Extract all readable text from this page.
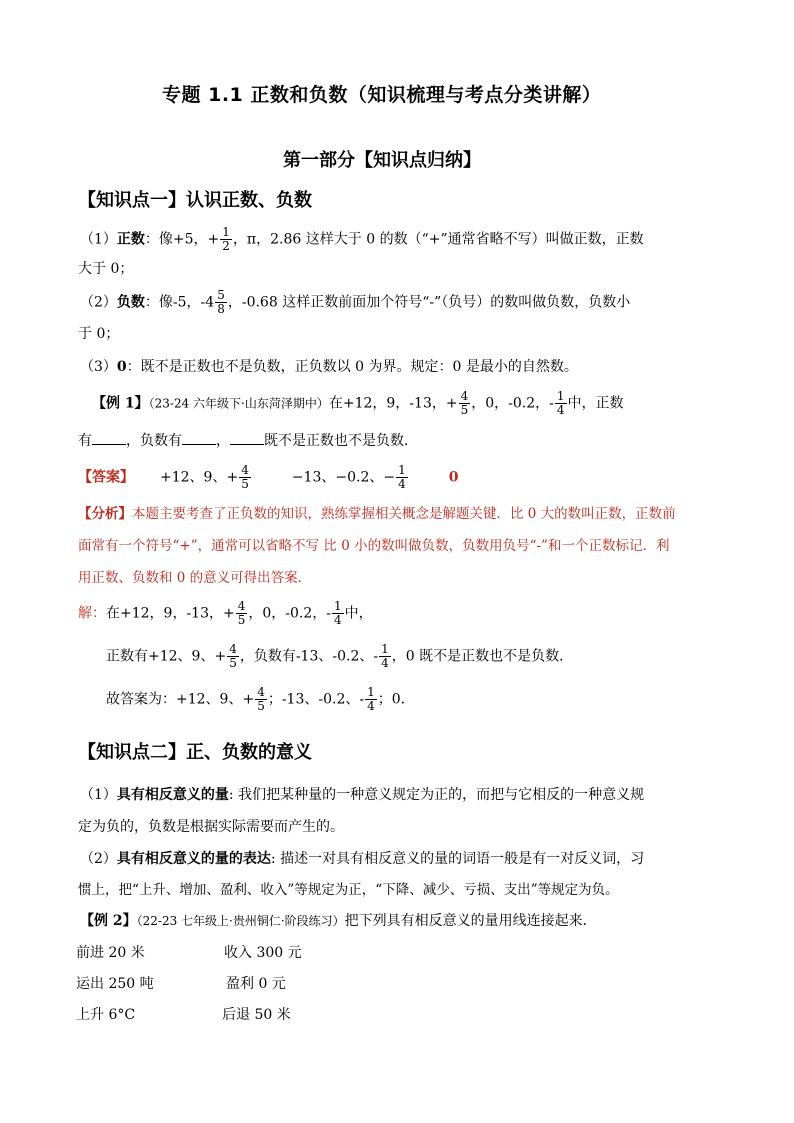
专题 1.1 正数和负数（知识梳理与考点分类讲解）
第一部分【知识点归纳】
【知识点一】认识正数、负数
（1）正数：像+5，+ $\frac{1}{2}$ ，π，2.86 这样大于 0 的数（“+”通常省略不写）叫做正数，正数
大于 0；
（2）负数：像-5，$-4 \frac{5}{8}$ ，-0.68 这样正数前面加个符号“-”（负号）的数叫做负数，负数小
于 0；
（3）0：既不是正数也不是负数，正负数以 0 为界。规定：0 是最小的自然数。
【例 1】（23-24 六年级下·山东菏泽期中）在+12，9，-13，+ $\frac{4}{5}$ ，0，-0.2，- $\frac{1}{4}$ 中，正数
有 ，负数有 ， 既不是正数也不是负数．
【答案】 +12、9、+ $\frac{4}{5}$	−13、−0.2、− $\frac{1}{4}$	0
【分析】本题主要考查了正负数的知识，熟练掌握相关概念是解题关键．比 0 大的数叫正数，正数前
面常有一个符号“+”，通常可以省略不写 比 0 小的数叫做负数，负数用负号“-”和一个正数标记．利
用正数、负数和 0 的意义可得出答案．
解：在+12，9，-13，+ $\frac{4}{5}$ ，0，-0.2，- $\frac{1}{4}$ 中，
正数有+12、9、+ $\frac{4}{5}$ ，负数有-13、-0.2、- $\frac{1}{4}$ ，0 既不是正数也不是负数．
故答案为：+12、9、+ $\frac{4}{5}$ ；-13、-0.2、- $\frac{1}{4}$ ；0．
【知识点二】正、负数的意义
（1）具有相反意义的量: 我们把某种量的一种意义规定为正的，而把与它相反的一种意义规
定为负的，负数是根据实际需要而产生的。
（2）具有相反意义的量的表达: 描述一对具有相反意义的量的词语一般是有一对反义词，习
惯上，把“上升、增加、盈利、收入”等规定为正，“下降、减少、亏损、支出”等规定为负。
【例 2】（22-23 七年级上·贵州铜仁·阶段练习）把下列具有相反意义的量用线连接起来．
前进 20 米	收入 300 元
运出 250 吨	盈利 0 元
上升 6°C	后退 50 米
